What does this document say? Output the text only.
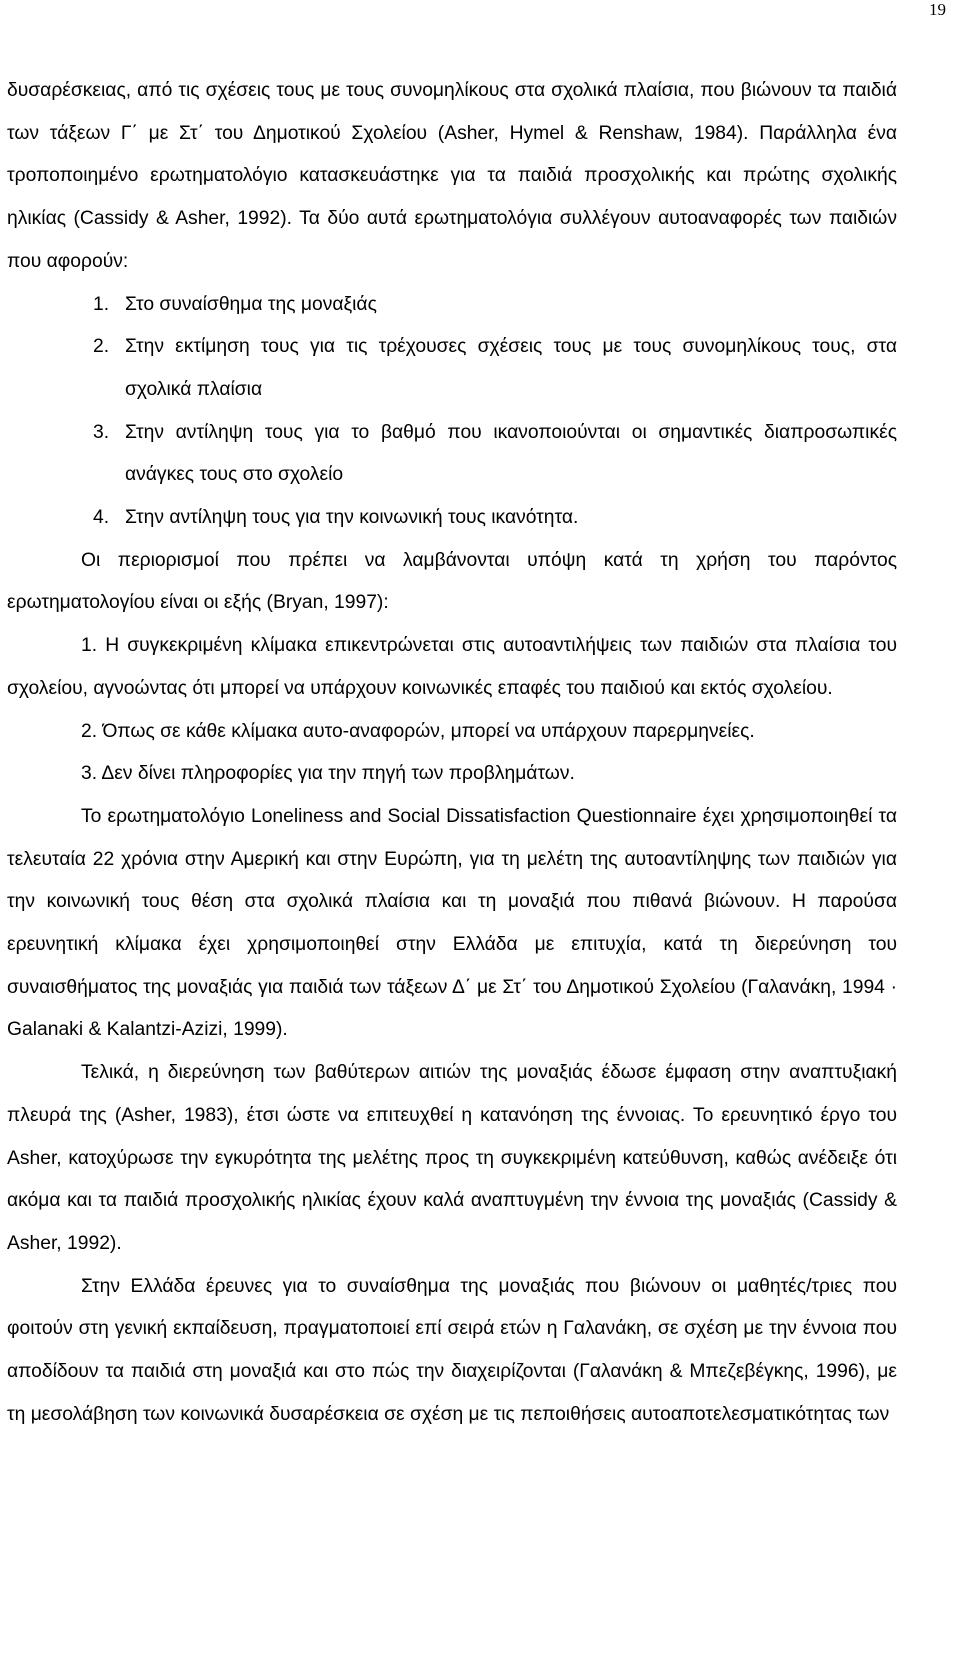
19

δυσαρέσκειας, από τις σχέσεις τους με τους συνομηλίκους στα σχολικά πλαίσια, που βιώνουν τα παιδιά των τάξεων Γ΄ με Στ΄ του Δημοτικού Σχολείου (Asher, Hymel & Renshaw, 1984). Παράλληλα ένα τροποποιημένο ερωτηματολόγιο κατασκευάστηκε για τα παιδιά προσχολικής και πρώτης σχολικής ηλικίας (Cassidy & Asher, 1992). Τα δύο αυτά ερωτηματολόγια συλλέγουν αυτοαναφορές των παιδιών που αφορούν:

1. Στο συναίσθημα της μοναξιάς

2. Στην εκτίμηση τους για τις τρέχουσες σχέσεις τους με τους συνομηλίκους τους, στα σχολικά πλαίσια

3. Στην αντίληψη τους για το βαθμό που ικανοποιούνται οι σημαντικές διαπροσωπικές ανάγκες τους στο σχολείο

4. Στην αντίληψη τους για την κοινωνική τους ικανότητα.

Οι περιορισμοί που πρέπει να λαμβάνονται υπόψη κατά τη χρήση του παρόντος ερωτηματολογίου είναι οι εξής (Bryan, 1997):

1. Η συγκεκριμένη κλίμακα επικεντρώνεται στις αυτοαντιλήψεις των παιδιών στα πλαίσια του σχολείου, αγνοώντας ότι μπορεί να υπάρχουν κοινωνικές επαφές του παιδιού και εκτός σχολείου.

2. Όπως σε κάθε κλίμακα αυτο-αναφορών, μπορεί να υπάρχουν παρερμηνείες.

3. Δεν δίνει πληροφορίες για την πηγή των προβλημάτων.

Το ερωτηματολόγιο Loneliness and Social Dissatisfaction Questionnaire έχει χρησιμοποιηθεί τα τελευταία 22 χρόνια στην Αμερική και στην Ευρώπη, για τη μελέτη της αυτοαντίληψης των παιδιών για την κοινωνική τους θέση στα σχολικά πλαίσια και τη μοναξιά που πιθανά βιώνουν. Η παρούσα ερευνητική κλίμακα έχει χρησιμοποιηθεί στην Ελλάδα με επιτυχία, κατά τη διερεύνηση του συναισθήματος της μοναξιάς για παιδιά των τάξεων Δ΄ με Στ΄ του Δημοτικού Σχολείου (Γαλανάκη, 1994 · Galanaki & Kalantzi-Azizi, 1999).

Τελικά, η διερεύνηση των βαθύτερων αιτιών της μοναξιάς έδωσε έμφαση στην αναπτυξιακή πλευρά της (Asher, 1983), έτσι ώστε να επιτευχθεί η κατανόηση της έννοιας. Το ερευνητικό έργο του Asher, κατοχύρωσε την εγκυρότητα της μελέτης προς τη συγκεκριμένη κατεύθυνση, καθώς ανέδειξε ότι ακόμα και τα παιδιά προσχολικής ηλικίας έχουν καλά αναπτυγμένη την έννοια της μοναξιάς (Cassidy & Asher, 1992).

Στην Ελλάδα έρευνες για το συναίσθημα της μοναξιάς που βιώνουν οι μαθητές/τριες που φοιτούν στη γενική εκπαίδευση, πραγματοποιεί επί σειρά ετών η Γαλανάκη, σε σχέση με την έννοια που αποδίδουν τα παιδιά στη μοναξιά και στο πώς την διαχειρίζονται (Γαλανάκη & Μπεζεβέγκης, 1996), με τη μεσολάβηση των κοινωνικά δυσαρέσκεια σε σχέση με τις πεποιθήσεις αυτοαποτελεσματικότητας των
